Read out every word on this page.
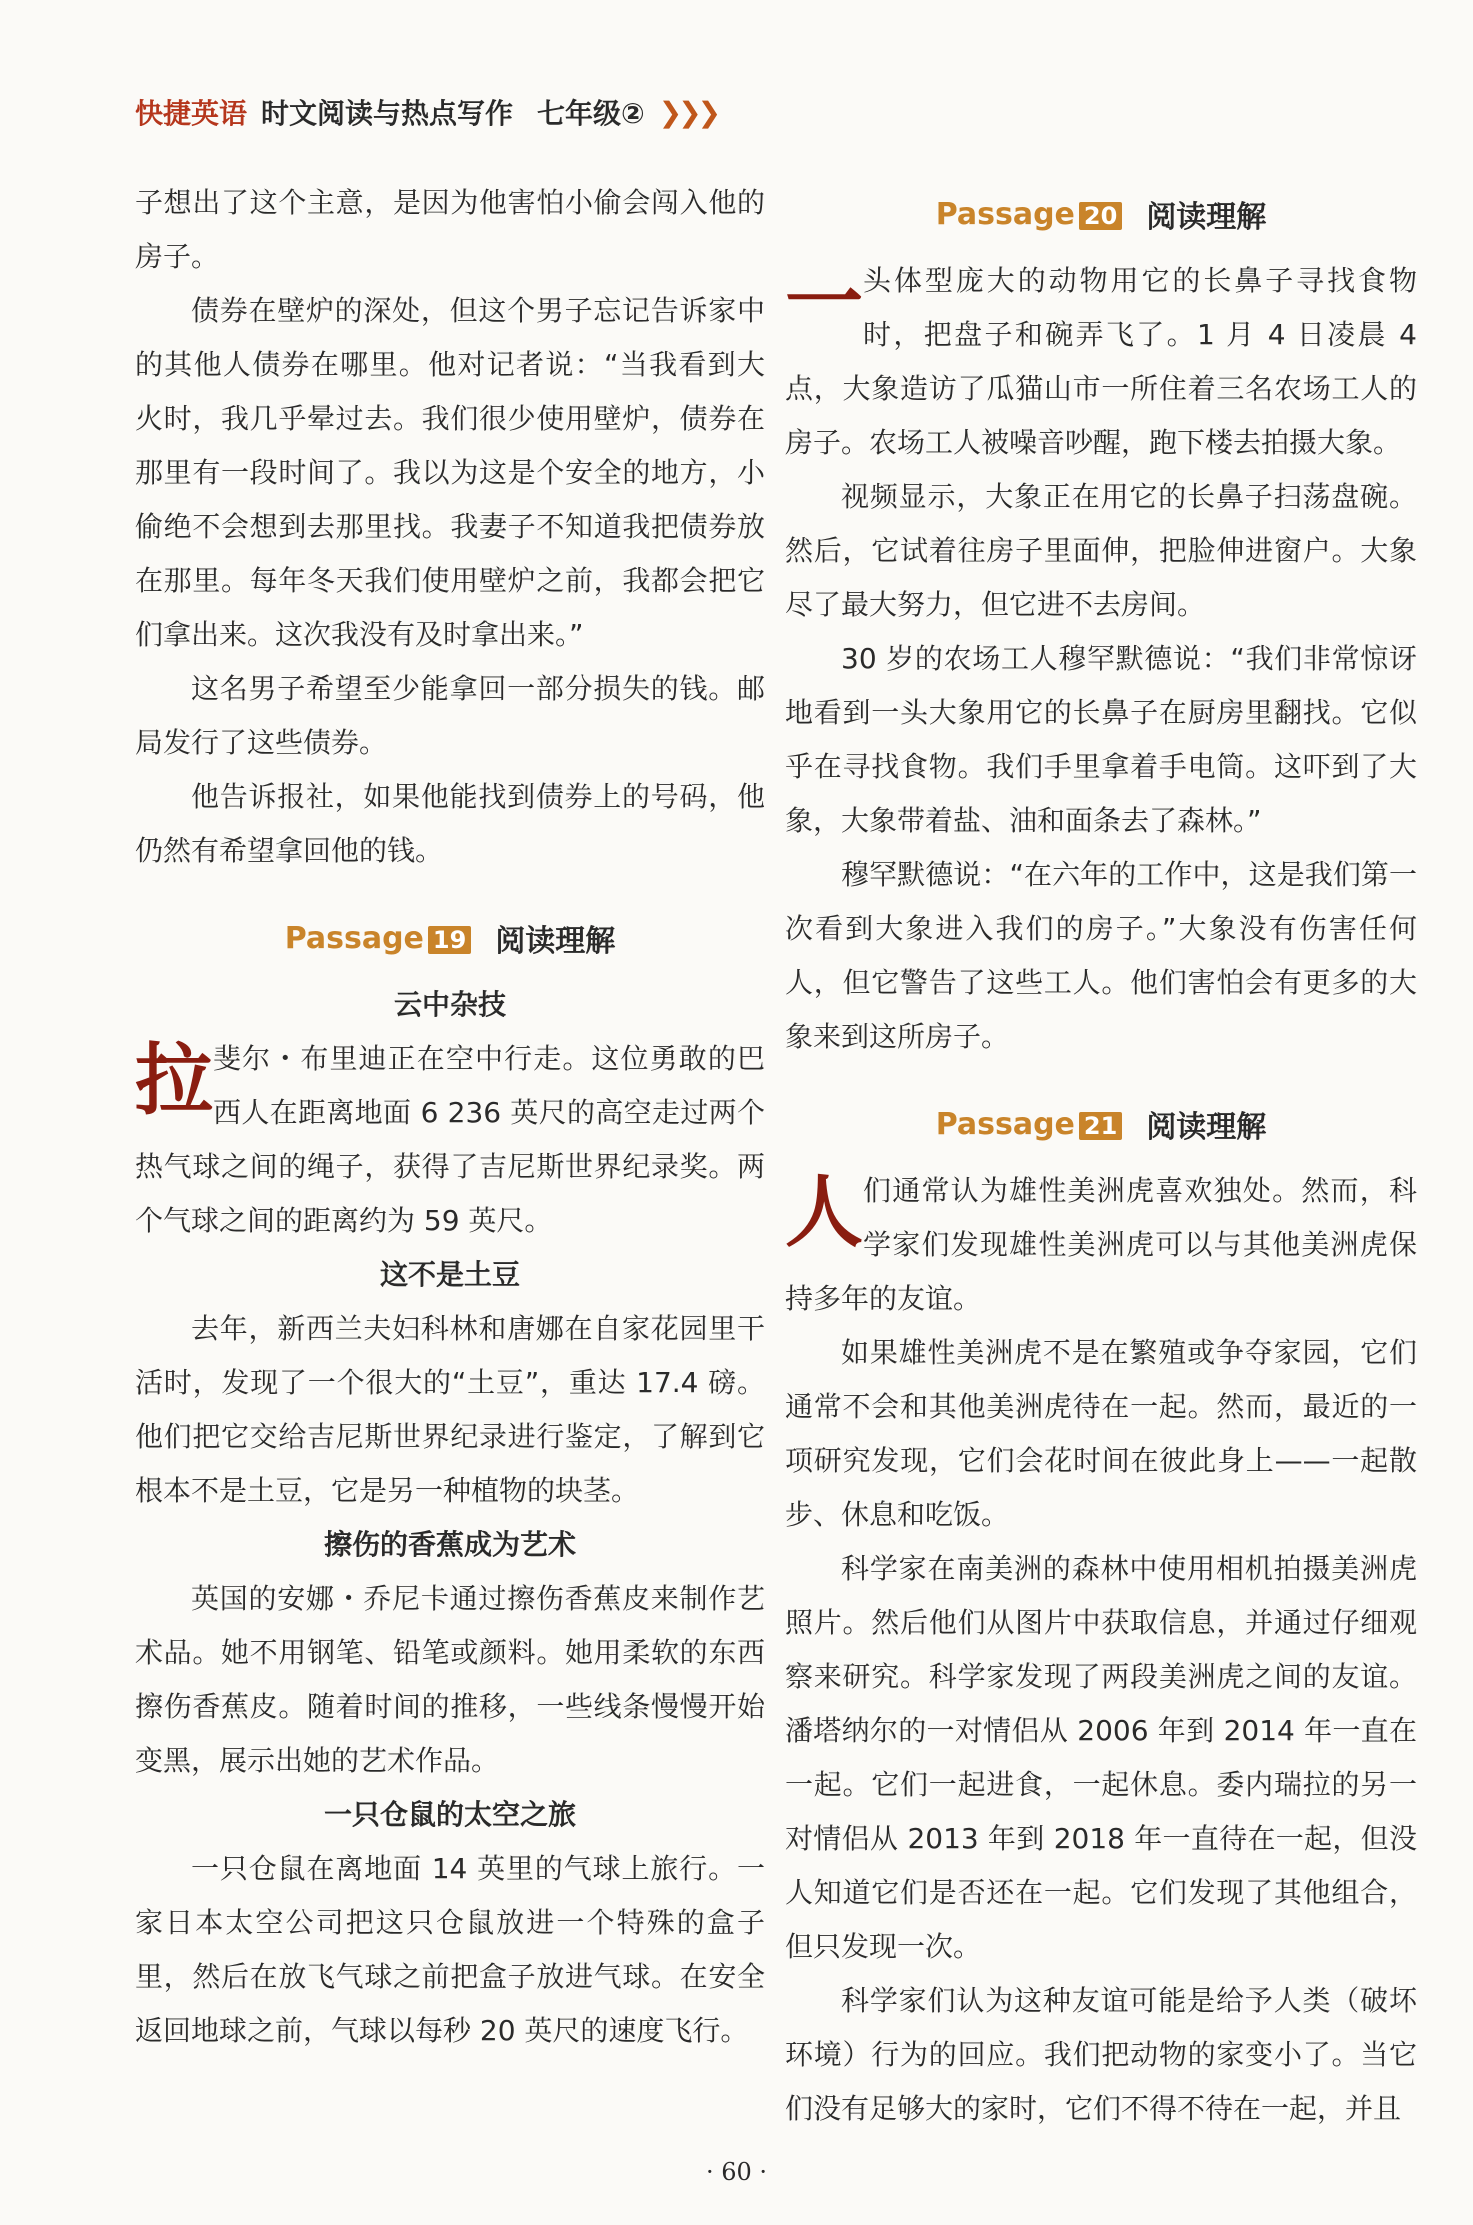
快捷英语 时文阅读与热点写作 七年级② ❯❯❯

子想出了这个主意，是因为他害怕小偷会闯入他的房子。

债券在壁炉的深处，但这个男子忘记告诉家中的其他人债券在哪里。他对记者说：“当我看到大火时，我几乎晕过去。我们很少使用壁炉，债券在那里有一段时间了。我以为这是个安全的地方，小偷绝不会想到去那里找。我妻子不知道我把债券放在那里。每年冬天我们使用壁炉之前，我都会把它们拿出来。这次我没有及时拿出来。”

这名男子希望至少能拿回一部分损失的钱。邮局发行了这些债券。

他告诉报社，如果他能找到债券上的号码，他仍然有希望拿回他的钱。

Passage 19 阅读理解

云中杂技

拉斐尔・布里迪正在空中行走。这位勇敢的巴西人在距离地面 6 236 英尺的高空走过两个热气球之间的绳子，获得了吉尼斯世界纪录奖。两个气球之间的距离约为 59 英尺。

这不是土豆

去年，新西兰夫妇科林和唐娜在自家花园里干活时，发现了一个很大的“土豆”，重达 17.4 磅。他们把它交给吉尼斯世界纪录进行鉴定，了解到它根本不是土豆，它是另一种植物的块茎。

擦伤的香蕉成为艺术

英国的安娜・乔尼卡通过擦伤香蕉皮来制作艺术品。她不用钢笔、铅笔或颜料。她用柔软的东西擦伤香蕉皮。随着时间的推移，一些线条慢慢开始变黑，展示出她的艺术作品。

一只仓鼠的太空之旅

一只仓鼠在离地面 14 英里的气球上旅行。一家日本太空公司把这只仓鼠放进一个特殊的盒子里，然后在放飞气球之前把盒子放进气球。在安全返回地球之前，气球以每秒 20 英尺的速度飞行。

Passage 20 阅读理解

一头体型庞大的动物用它的长鼻子寻找食物时，把盘子和碗弄飞了。1 月 4 日凌晨 4 点，大象造访了瓜猫山市一所住着三名农场工人的房子。农场工人被噪音吵醒，跑下楼去拍摄大象。

视频显示，大象正在用它的长鼻子扫荡盘碗。然后，它试着往房子里面伸，把脸伸进窗户。大象尽了最大努力，但它进不去房间。

30 岁的农场工人穆罕默德说：“我们非常惊讶地看到一头大象用它的长鼻子在厨房里翻找。它似乎在寻找食物。我们手里拿着手电筒。这吓到了大象，大象带着盐、油和面条去了森林。”

穆罕默德说：“在六年的工作中，这是我们第一次看到大象进入我们的房子。”大象没有伤害任何人，但它警告了这些工人。他们害怕会有更多的大象来到这所房子。

Passage 21 阅读理解

人们通常认为雄性美洲虎喜欢独处。然而，科学家们发现雄性美洲虎可以与其他美洲虎保持多年的友谊。

如果雄性美洲虎不是在繁殖或争夺家园，它们通常不会和其他美洲虎待在一起。然而，最近的一项研究发现，它们会花时间在彼此身上——一起散步、休息和吃饭。

科学家在南美洲的森林中使用相机拍摄美洲虎照片。然后他们从图片中获取信息，并通过仔细观察来研究。科学家发现了两段美洲虎之间的友谊。潘塔纳尔的一对情侣从 2006 年到 2014 年一直在一起。它们一起进食，一起休息。委内瑞拉的另一对情侣从 2013 年到 2018 年一直待在一起，但没人知道它们是否还在一起。它们发现了其他组合，但只发现一次。

科学家们认为这种友谊可能是给予人类（破坏环境）行为的回应。我们把动物的家变小了。当它们没有足够大的家时，它们不得不待在一起，并且

· 60 ·
